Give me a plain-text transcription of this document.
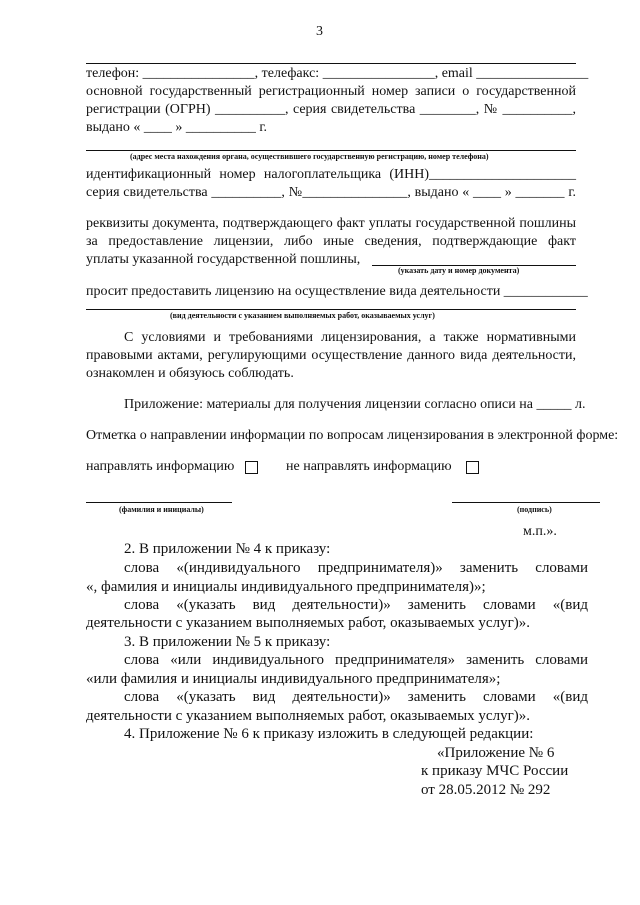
3
телефон: ________________, телефакс: ________________, email ________________
основной государственный регистрационный номер записи о государственной
регистрации (ОГРН) __________, серия свидетельства ________, № __________,
выдано « ____ » __________ г.
(адрес места нахождения органа, осуществившего государственную регистрацию, номер телефона)
идентификационный номер налогоплательщика (ИНН)_____________________
серия свидетельства __________, №_______________, выдано « ____ » _______ г.
реквизиты документа, подтверждающего факт уплаты государственной пошлины
за предоставление лицензии, либо иные сведения, подтверждающие факт
уплаты указанной государственной пошлины,
(указать дату и номер документа)
просит предоставить лицензию на осуществление вида деятельности ____________
(вид деятельности с указанием выполняемых работ, оказываемых услуг)
С условиями и требованиями лицензирования, а также нормативными
правовыми актами, регулирующими осуществление данного вида деятельности,
ознакомлен и обязуюсь соблюдать.
Приложение: материалы для получения лицензии согласно описи на _____ л.
Отметка о направлении информации по вопросам лицензирования в электронной форме:
направлять информацию	не направлять информацию
(фамилия и инициалы)	(подпись)
м.п.».
2. В приложении № 4 к приказу:
слова «(индивидуального предпринимателя)» заменить словами
«, фамилия и инициалы индивидуального предпринимателя)»;
слова «(указать вид деятельности)» заменить словами «(вид
деятельности с указанием выполняемых работ, оказываемых услуг)».
3. В приложении № 5 к приказу:
слова «или индивидуального предпринимателя» заменить словами
«или фамилия и инициалы индивидуального предпринимателя»;
слова «(указать вид деятельности)» заменить словами «(вид
деятельности с указанием выполняемых работ, оказываемых услуг)».
4. Приложение № 6 к приказу изложить в следующей редакции:
«Приложение № 6
к приказу МЧС России
от 28.05.2012 № 292
